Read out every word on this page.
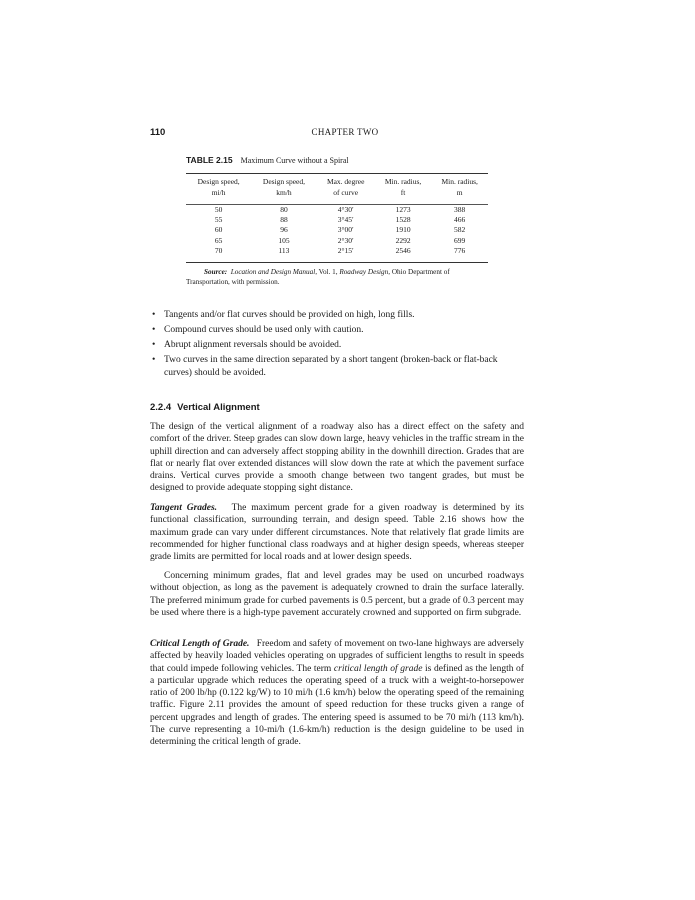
110	CHAPTER TWO
TABLE 2.15 Maximum Curve without a Spiral
Design speed,	Design speed,	Max. degree	Min. radius,	Min. radius,
mi/h	km/h	of curve	ft	m

50	80	4°30′	1273	388
55	88	3°45′	1528	466
60	96	3°00′	1910	582
65	105	2°30′	2292	699
70	113	2°15′	2546	776
Source: Location and Design Manual, Vol. 1, Roadway Design, Ohio Department of Transportation, with permission.
• Tangents and/or flat curves should be provided on high, long fills.
• Compound curves should be used only with caution.
• Abrupt alignment reversals should be avoided.
• Two curves in the same direction separated by a short tangent (broken-back or flat-back curves) should be avoided.
2.2.4 Vertical Alignment
The design of the vertical alignment of a roadway also has a direct effect on the safety and comfort of the driver. Steep grades can slow down large, heavy vehicles in the traffic stream in the uphill direction and can adversely affect stopping ability in the downhill direction. Grades that are flat or nearly flat over extended distances will slow down the rate at which the pavement surface drains. Vertical curves provide a smooth change between two tangent grades, but must be designed to provide adequate stopping sight distance.
Tangent Grades. The maximum percent grade for a given roadway is determined by its functional classification, surrounding terrain, and design speed. Table 2.16 shows how the maximum grade can vary under different circumstances. Note that relatively flat grade limits are recommended for higher functional class roadways and at higher design speeds, whereas steeper grade limits are permitted for local roads and at lower design speeds.
Concerning minimum grades, flat and level grades may be used on uncurbed roadways without objection, as long as the pavement is adequately crowned to drain the surface laterally. The preferred minimum grade for curbed pavements is 0.5 percent, but a grade of 0.3 percent may be used where there is a high-type pavement accurately crowned and supported on firm subgrade.
Critical Length of Grade. Freedom and safety of movement on two-lane highways are adversely affected by heavily loaded vehicles operating on upgrades of sufficient lengths to result in speeds that could impede following vehicles. The term critical length of grade is defined as the length of a particular upgrade which reduces the operating speed of a truck with a weight-to-horsepower ratio of 200 lb/hp (0.122 kg/W) to 10 mi/h (1.6 km/h) below the operating speed of the remaining traffic. Figure 2.11 provides the amount of speed reduction for these trucks given a range of percent upgrades and length of grades. The entering speed is assumed to be 70 mi/h (113 km/h). The curve representing a 10-mi/h (1.6-km/h) reduction is the design guideline to be used in determining the critical length of grade.
